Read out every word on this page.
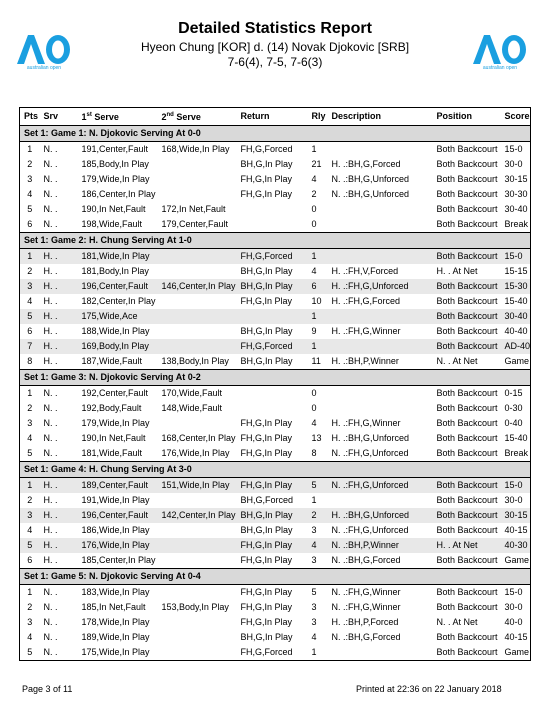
australian open	australian open
Detailed Statistics Report
Hyeon Chung [KOR] d. (14) Novak Djokovic [SRB]
7-6(4), 7-5, 7-6(3)
Pts	Srv	1st Serve	2nd Serve	Return	Rly	Description	Position	Score
Set 1: Game 1: N. Djokovic Serving At 0-0								
1	N. .	191,Center,Fault	168,Wide,In Play	FH,G,Forced	1		Both Backcourt	15-0
2	N. .	185,Body,In Play		BH,G,In Play	21	H. .:BH,G,Forced	Both Backcourt	30-0
3	N. .	179,Wide,In Play		FH,G,In Play	4	N. .:BH,G,Unforced	Both Backcourt	30-15
4	N. .	186,Center,In Play		FH,G,In Play	2	N. .:BH,G,Unforced	Both Backcourt	30-30
5	N. .	190,In Net,Fault	172,In Net,Fault		0		Both Backcourt	30-40
6	N. .	198,Wide,Fault	179,Center,Fault		0		Both Backcourt	Break
Set 1: Game 2: H. Chung Serving At 1-0								
1	H. .	181,Wide,In Play		FH,G,Forced	1		Both Backcourt	15-0
2	H. .	181,Body,In Play		BH,G,In Play	4	H. .:FH,V,Forced	H. . At Net	15-15
3	H. .	196,Center,Fault	146,Center,In Play	BH,G,In Play	6	H. .:FH,G,Unforced	Both Backcourt	15-30
4	H. .	182,Center,In Play		FH,G,In Play	10	H. .:FH,G,Forced	Both Backcourt	15-40
5	H. .	175,Wide,Ace			1		Both Backcourt	30-40
6	H. .	188,Wide,In Play		BH,G,In Play	9	H. .:FH,G,Winner	Both Backcourt	40-40
7	H. .	169,Body,In Play		FH,G,Forced	1		Both Backcourt	AD-40
8	H. .	187,Wide,Fault	138,Body,In Play	BH,G,In Play	11	H. .:BH,P,Winner	N. . At Net	Game
Set 1: Game 3: N. Djokovic Serving At 0-2								
1	N. .	192,Center,Fault	170,Wide,Fault		0		Both Backcourt	0-15
2	N. .	192,Body,Fault	148,Wide,Fault		0		Both Backcourt	0-30
3	N. .	179,Wide,In Play		FH,G,In Play	4	H. .:FH,G,Winner	Both Backcourt	0-40
4	N. .	190,In Net,Fault	168,Center,In Play	FH,G,In Play	13	H. .:BH,G,Unforced	Both Backcourt	15-40
5	N. .	181,Wide,Fault	176,Wide,In Play	FH,G,In Play	8	N. .:FH,G,Unforced	Both Backcourt	Break
Set 1: Game 4: H. Chung Serving At 3-0								
1	H. .	189,Center,Fault	151,Wide,In Play	FH,G,In Play	5	N. .:FH,G,Unforced	Both Backcourt	15-0
2	H. .	191,Wide,In Play		BH,G,Forced	1		Both Backcourt	30-0
3	H. .	196,Center,Fault	142,Center,In Play	BH,G,In Play	2	H. .:BH,G,Unforced	Both Backcourt	30-15
4	H. .	186,Wide,In Play		BH,G,In Play	3	N. .:FH,G,Unforced	Both Backcourt	40-15
5	H. .	176,Wide,In Play		FH,G,In Play	4	N. .:BH,P,Winner	H. . At Net	40-30
6	H. .	185,Center,In Play		FH,G,In Play	3	N. .:BH,G,Forced	Both Backcourt	Game
Set 1: Game 5: N. Djokovic Serving At 0-4								
1	N. .	183,Wide,In Play		FH,G,In Play	5	N. .:FH,G,Winner	Both Backcourt	15-0
2	N. .	185,In Net,Fault	153,Body,In Play	FH,G,In Play	3	N. .:FH,G,Winner	Both Backcourt	30-0
3	N. .	178,Wide,In Play		FH,G,In Play	3	H. .:BH,P,Forced	N. . At Net	40-0
4	N. .	189,Wide,In Play		BH,G,In Play	4	N. .:BH,G,Forced	Both Backcourt	40-15
5	N. .	175,Wide,In Play		FH,G,Forced	1		Both Backcourt	Game
Page 3 of 11	Printed at 22:36 on 22 January 2018
